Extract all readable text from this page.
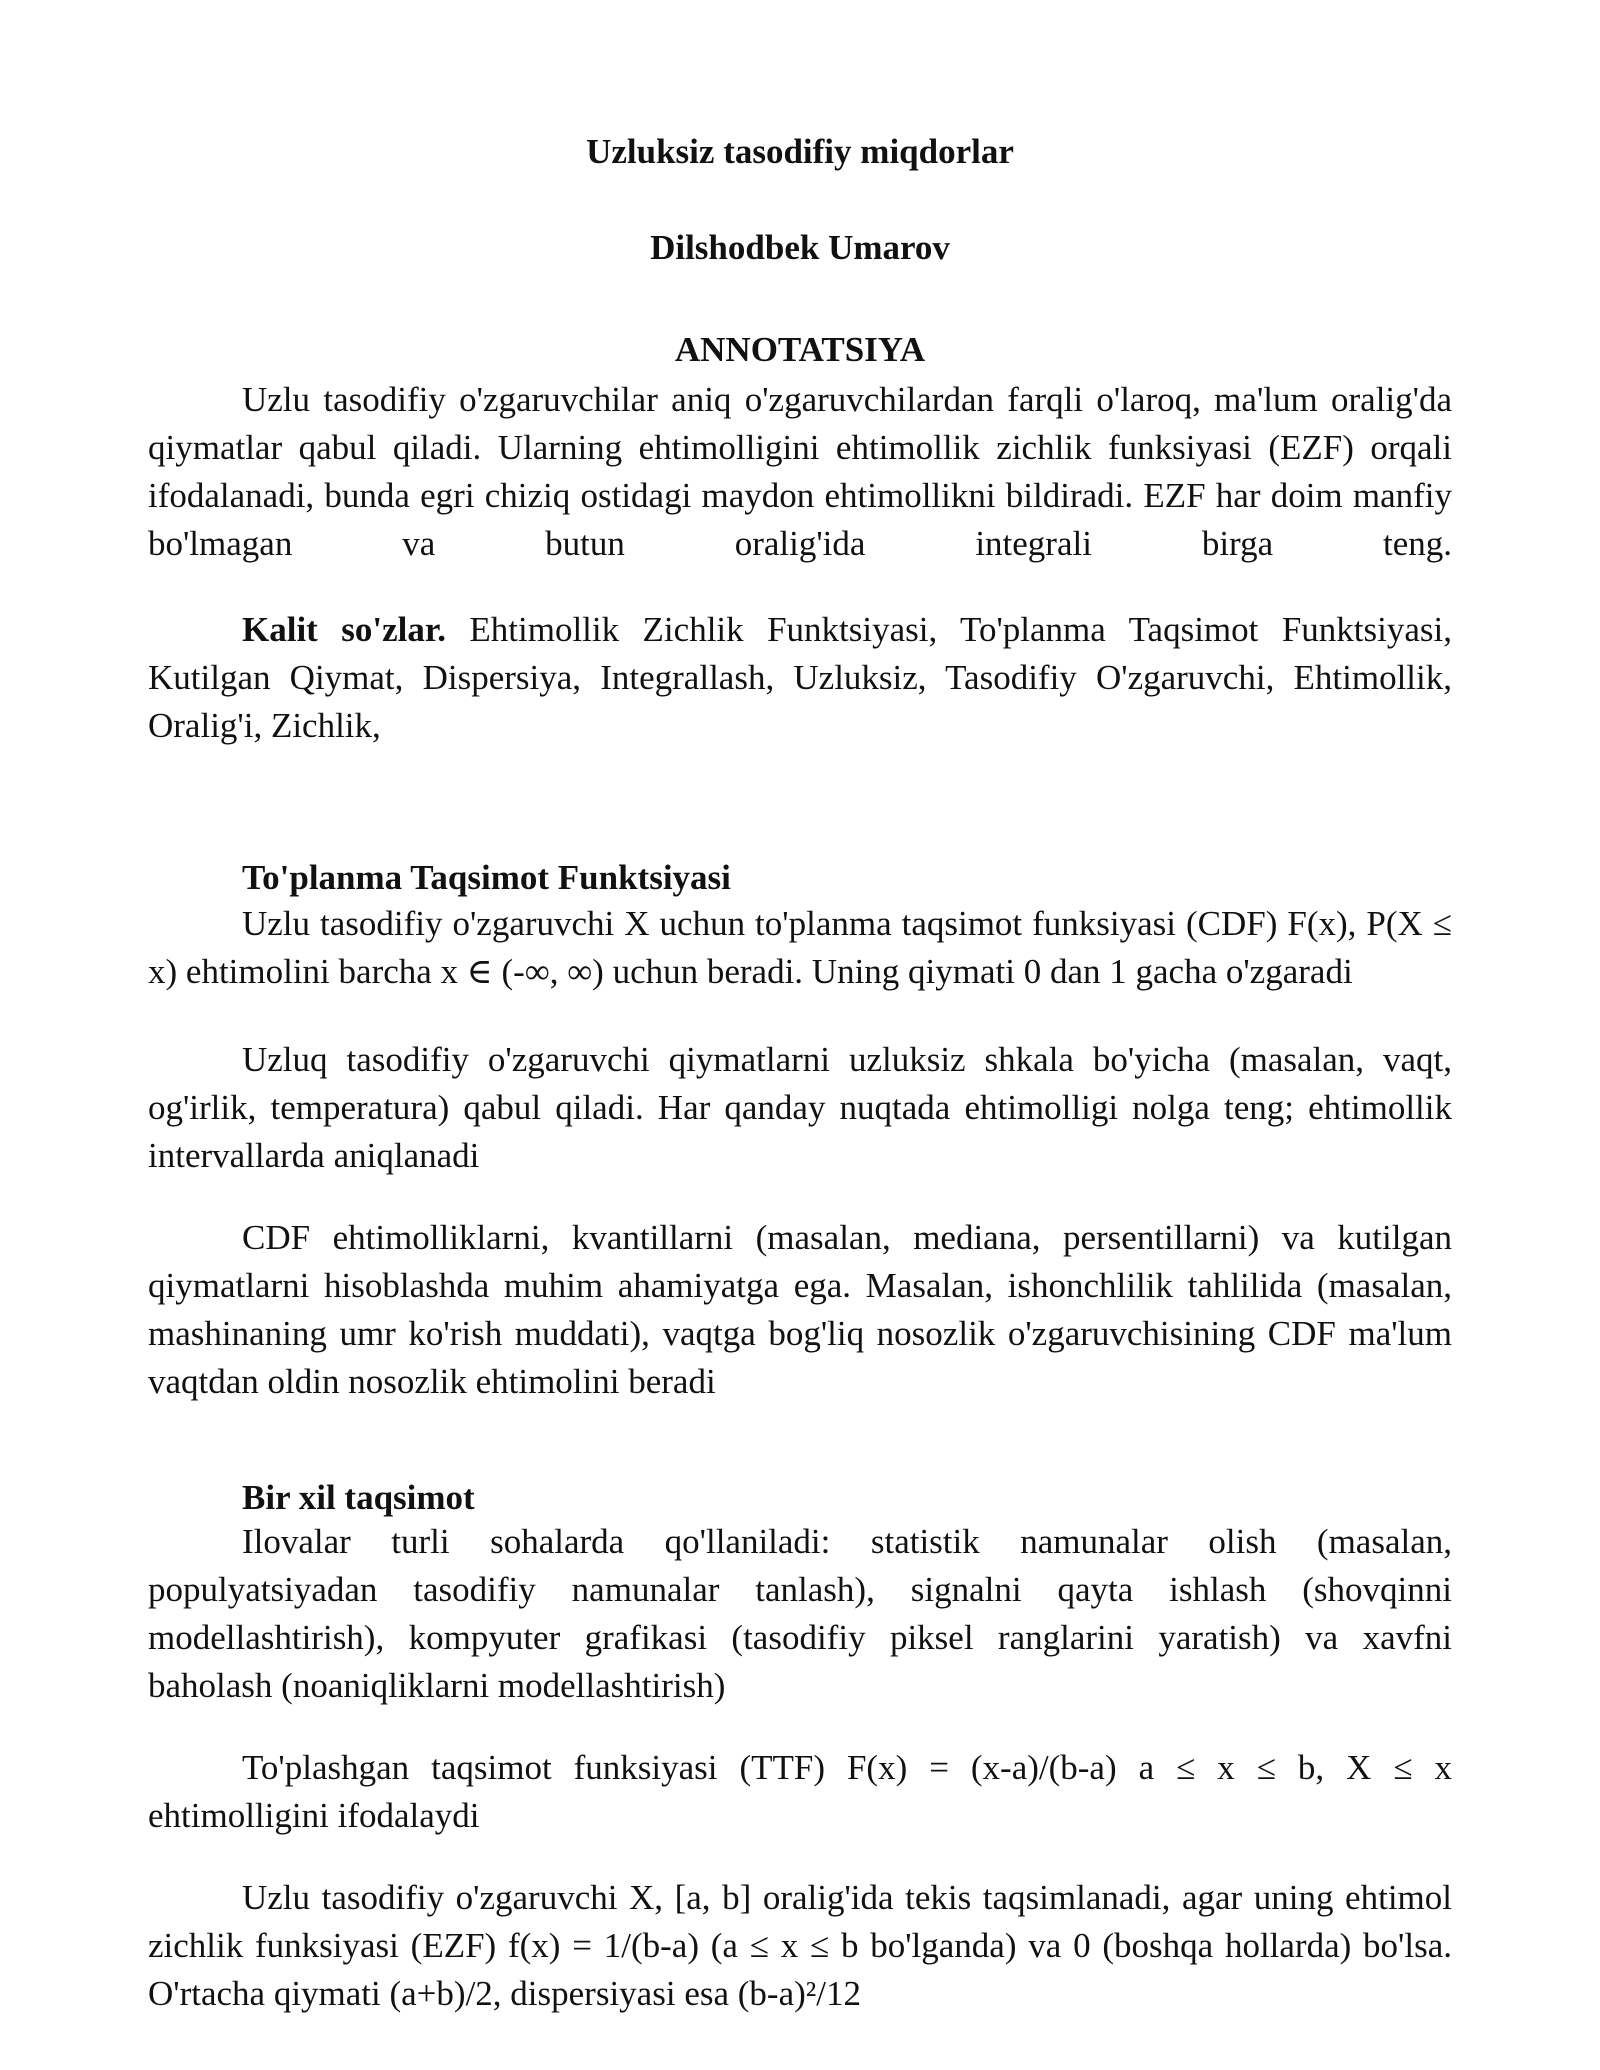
Uzluksiz tasodifiy miqdorlar
Dilshodbek Umarov
ANNOTATSIYA

Uzlu tasodifiy o'zgaruvchilar aniq o'zgaruvchilardan farqli o'laroq, ma'lum oralig'da qiymatlar qabul qiladi. Ularning ehtimolligini ehtimollik zichlik funksiyasi (EZF) orqali ifodalanadi, bunda egri chiziq ostidagi maydon ehtimollikni bildiradi. EZF har doim manfiy bo'lmagan va butun oralig'ida integrali birga teng.

Kalit so'zlar. Ehtimollik Zichlik Funktsiyasi, To'planma Taqsimot Funktsiyasi, Kutilgan Qiymat, Dispersiya, Integrallash, Uzluksiz, Tasodifiy O'zgaruvchi, Ehtimollik, Oralig'i, Zichlik,

To'planma Taqsimot Funktsiyasi

Uzlu tasodifiy o'zgaruvchi X uchun to'planma taqsimot funksiyasi (CDF) F(x), P(X ≤ x) ehtimolini barcha x ∈ (-∞, ∞) uchun beradi. Uning qiymati 0 dan 1 gacha o'zgaradi

Uzluq tasodifiy o'zgaruvchi qiymatlarni uzluksiz shkala bo'yicha (masalan, vaqt, og'irlik, temperatura) qabul qiladi. Har qanday nuqtada ehtimolligi nolga teng; ehtimollik intervallarda aniqlanadi

CDF ehtimolliklarni, kvantillarni (masalan, mediana, persentillarni) va kutilgan qiymatlarni hisoblashda muhim ahamiyatga ega. Masalan, ishonchlilik tahlilida (masalan, mashinaning umr ko'rish muddati), vaqtga bog'liq nosozlik o'zgaruvchisining CDF ma'lum vaqtdan oldin nosozlik ehtimolini beradi

Bir xil taqsimot

Ilovalar turli sohalarda qo'llaniladi: statistik namunalar olish (masalan, populyatsiyadan tasodifiy namunalar tanlash), signalni qayta ishlash (shovqinni modellashtirish), kompyuter grafikasi (tasodifiy piksel ranglarini yaratish) va xavfni baholash (noaniqliklarni modellashtirish)

To'plashgan taqsimot funksiyasi (TTF) F(x) = (x-a)/(b-a) a ≤ x ≤ b, X ≤ x ehtimolligini ifodalaydi

Uzlu tasodifiy o'zgaruvchi X, [a, b] oralig'ida tekis taqsimlanadi, agar uning ehtimol zichlik funksiyasi (EZF) f(x) = 1/(b-a) (a ≤ x ≤ b bo'lganda) va 0 (boshqa hollarda) bo'lsa. O'rtacha qiymati (a+b)/2, dispersiyasi esa (b-a)²/12
